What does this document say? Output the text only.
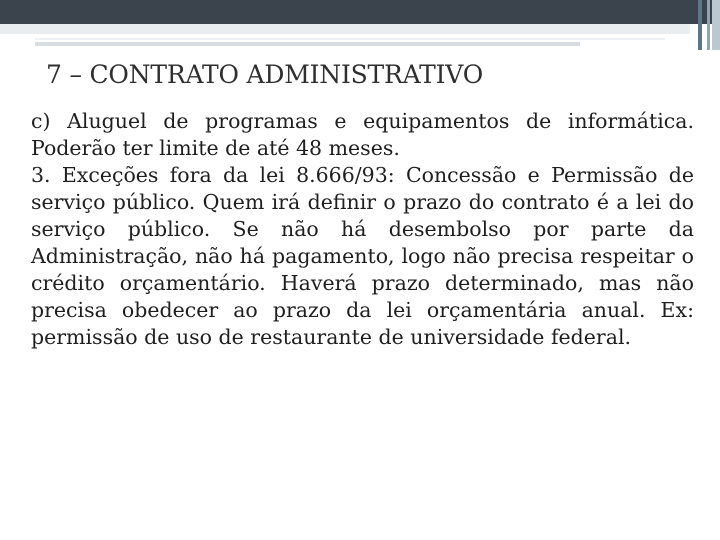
7 – CONTRATO ADMINISTRATIVO

c) Aluguel de programas e equipamentos de informática. Poderão ter limite de até 48 meses.

3. Exceções fora da lei 8.666/93: Concessão e Permissão de serviço público. Quem irá definir o prazo do contrato é a lei do serviço público. Se não há desembolso por parte da Administração, não há pagamento, logo não precisa respeitar o crédito orçamentário. Haverá prazo determinado, mas não precisa obedecer ao prazo da lei orçamentária anual. Ex: permissão de uso de restaurante de universidade federal.
